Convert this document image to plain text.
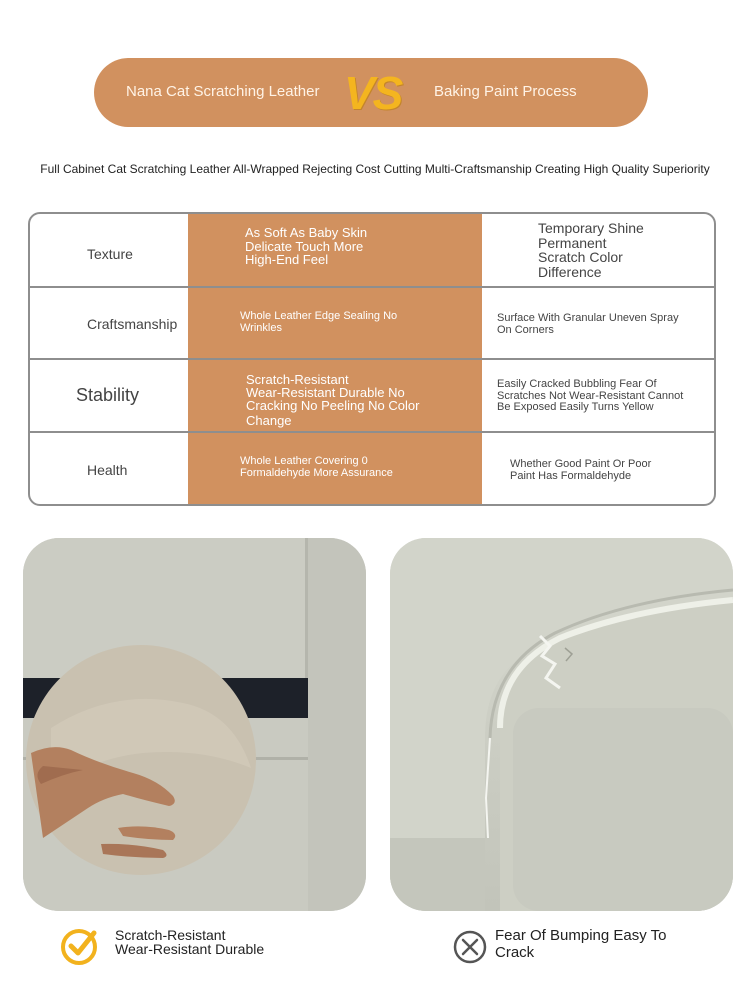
Nana Cat Scratching Leather VS Baking Paint Process
Full Cabinet Cat Scratching Leather All-Wrapped Rejecting Cost Cutting Multi-Craftsmanship Creating High Quality Superiority
Texture
As Soft As Baby Skin
Delicate Touch More
High-End Feel
Temporary Shine
Permanent
Scratch Color
Difference
Craftsmanship	Whole Leather Edge Sealing No
Wrinkles
Surface With Granular Uneven Spray
On Corners
Stability
Scratch-Resistant
Wear-Resistant Durable No
Cracking No Peeling No Color
Change
Easily Cracked Bubbling Fear Of
Scratches Not Wear-Resistant Cannot
Be Exposed Easily Turns Yellow
Health
Whole Leather Covering 0
Formaldehyde More Assurance
Whether Good Paint Or Poor
Paint Has Formaldehyde
Scratch-Resistant
Wear-Resistant Durable
Fear Of Bumping Easy To
Crack
